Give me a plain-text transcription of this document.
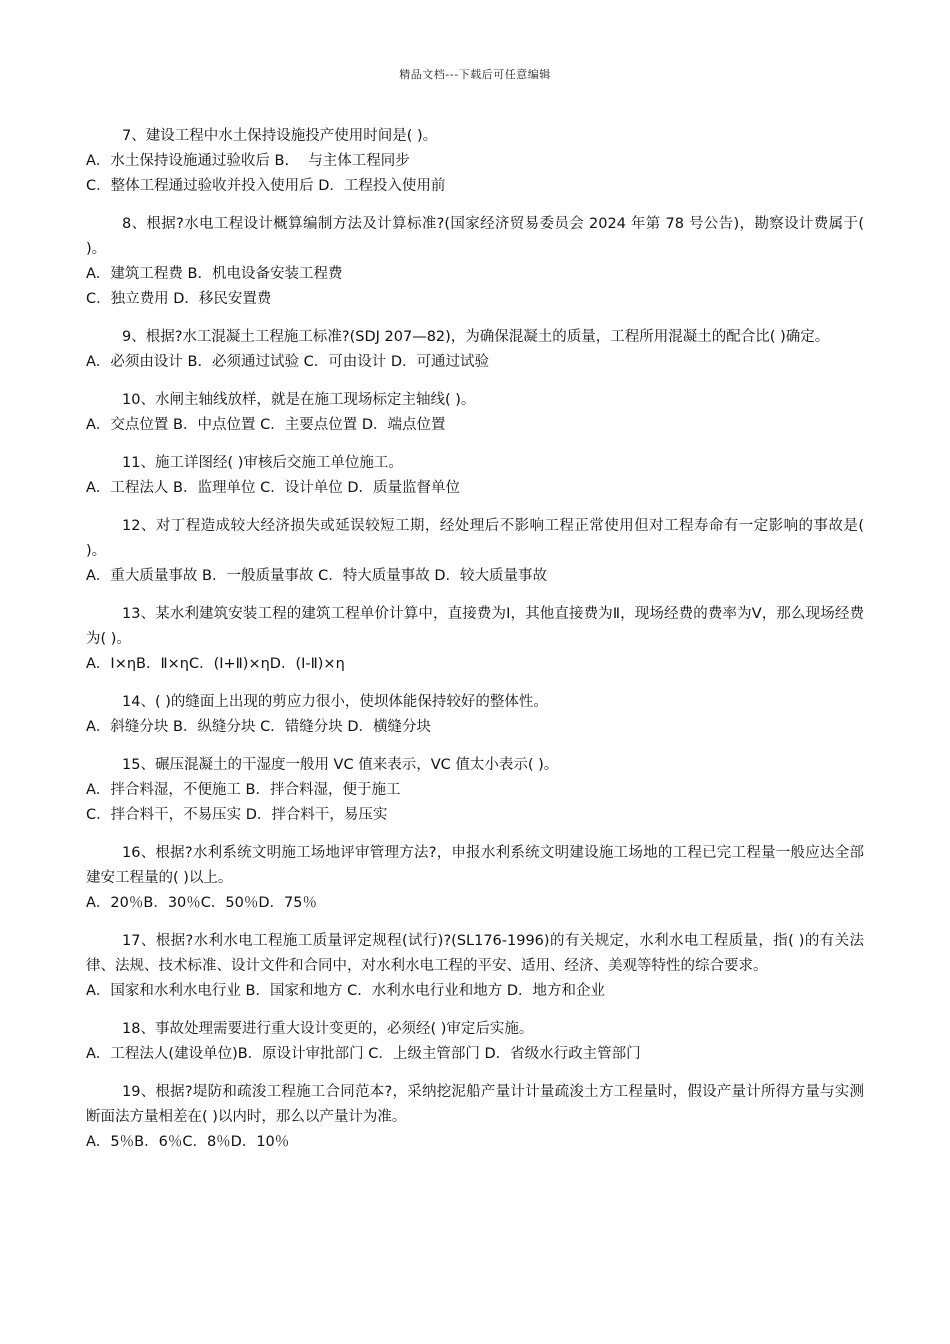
精品文档---下载后可任意编辑

7、建设工程中水土保持设施投产使用时间是( )。

A．水土保持设施通过验收后 B.　 与主体工程同步

C．整体工程通过验收并投入使用后 D．工程投入使用前

8、根据?水电工程设计概算编制方法及计算标准?(国家经济贸易委员会 2024 年第 78 号公告)，勘察设计费属于( )。

A．建筑工程费 B．机电设备安装工程费

C．独立费用 D．移民安置费

9、根据?水工混凝土工程施工标准?(SDJ 207—82)，为确保混凝土的质量，工程所用混凝土的配合比( )确定。

A．必须由设计 B．必须通过试验 C．可由设计 D．可通过试验

10、水闸主轴线放样，就是在施工现场标定主轴线( )。

A．交点位置 B．中点位置 C．主要点位置 D．端点位置

11、施工详图经( )审核后交施工单位施工。

A．工程法人 B．监理单位 C．设计单位 D．质量监督单位

12、对丁程造成较大经济损失或延误较短工期，经处理后不影响工程正常使用但对工程寿命有一定影响的事故是( )。

A．重大质量事故 B．一般质量事故 C．特大质量事故 D．较大质量事故

13、某水利建筑安装工程的建筑工程单价计算中，直接费为Ⅰ，其他直接费为Ⅱ，现场经费的费率为Ⅴ，那么现场经费为( )。

A．Ⅰ×ηB．Ⅱ×ηC．(Ⅰ+Ⅱ)×ηD．(Ⅰ-Ⅱ)×η

14、( )的缝面上出现的剪应力很小，使坝体能保持较好的整体性。

A．斜缝分块 B．纵缝分块 C．错缝分块 D．横缝分块

15、碾压混凝土的干湿度一般用 VC 值来表示，VC 值太小表示( )。

A．拌合料湿，不便施工 B．拌合料湿，便于施工

C．拌合料干，不易压实 D．拌合料干，易压实

16、根据?水利系统文明施工场地评审管理方法?，申报水利系统文明建设施工场地的工程已完工程量一般应达全部建安工程量的( )以上。

A．20％B．30％C．50％D．75％

17、根据?水利水电工程施工质量评定规程(试行)?(SL176-1996)的有关规定，水利水电工程质量，指( )的有关法律、法规、技术标准、设计文件和合同中，对水利水电工程的平安、适用、经济、美观等特性的综合要求。

A．国家和水利水电行业 B．国家和地方 C．水利水电行业和地方 D．地方和企业

18、事故处理需要进行重大设计变更的，必须经( )审定后实施。

A．工程法人(建设单位)B．原设计审批部门 C．上级主管部门 D．省级水行政主管部门

19、根据?堤防和疏浚工程施工合同范本?，采纳挖泥船产量计计量疏浚土方工程量时，假设产量计所得方量与实测断面法方量相差在( )以内时，那么以产量计为准。

A．5％B．6％C．8％D．10％
